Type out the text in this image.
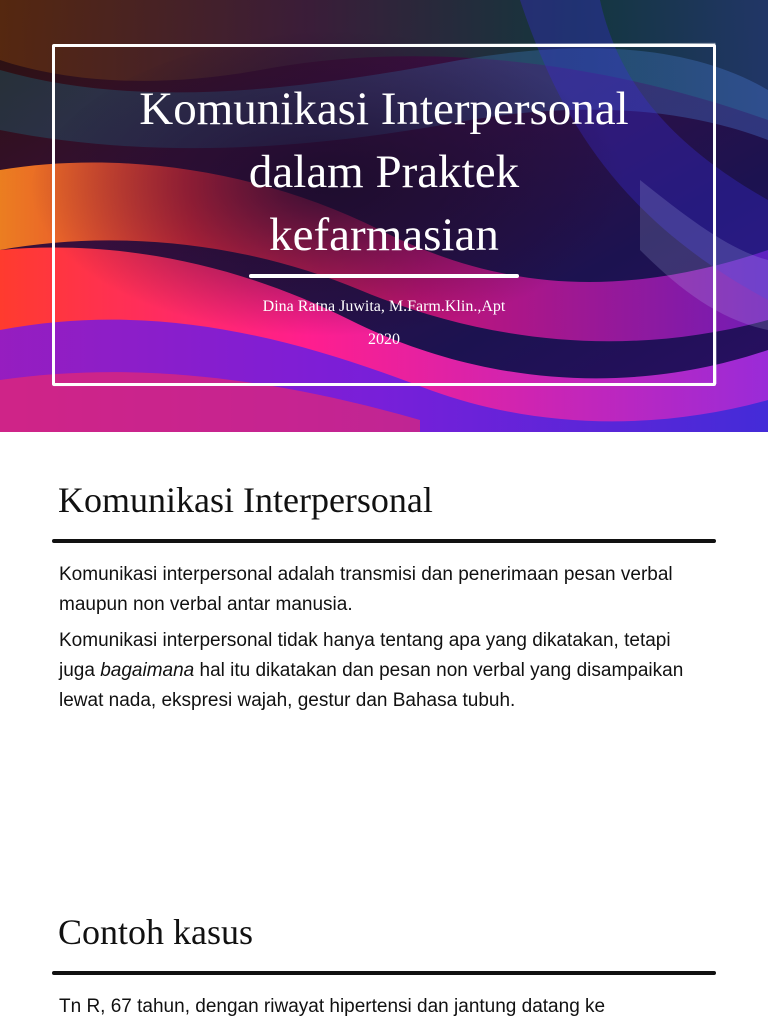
Komunikasi Interpersonal
dalam Praktek
kefarmasian
Dina Ratna Juwita, M.Farm.Klin.,Apt
2020
Komunikasi Interpersonal

Komunikasi interpersonal adalah transmisi dan penerimaan pesan verbal maupun non verbal antar manusia.

Komunikasi interpersonal tidak hanya tentang apa yang dikatakan, tetapi juga bagaimana hal itu dikatakan dan pesan non verbal yang disampaikan lewat nada, ekspresi wajah, gestur dan Bahasa tubuh.

Contoh kasus

Tn R, 67 tahun, dengan riwayat hipertensi dan jantung datang ke
